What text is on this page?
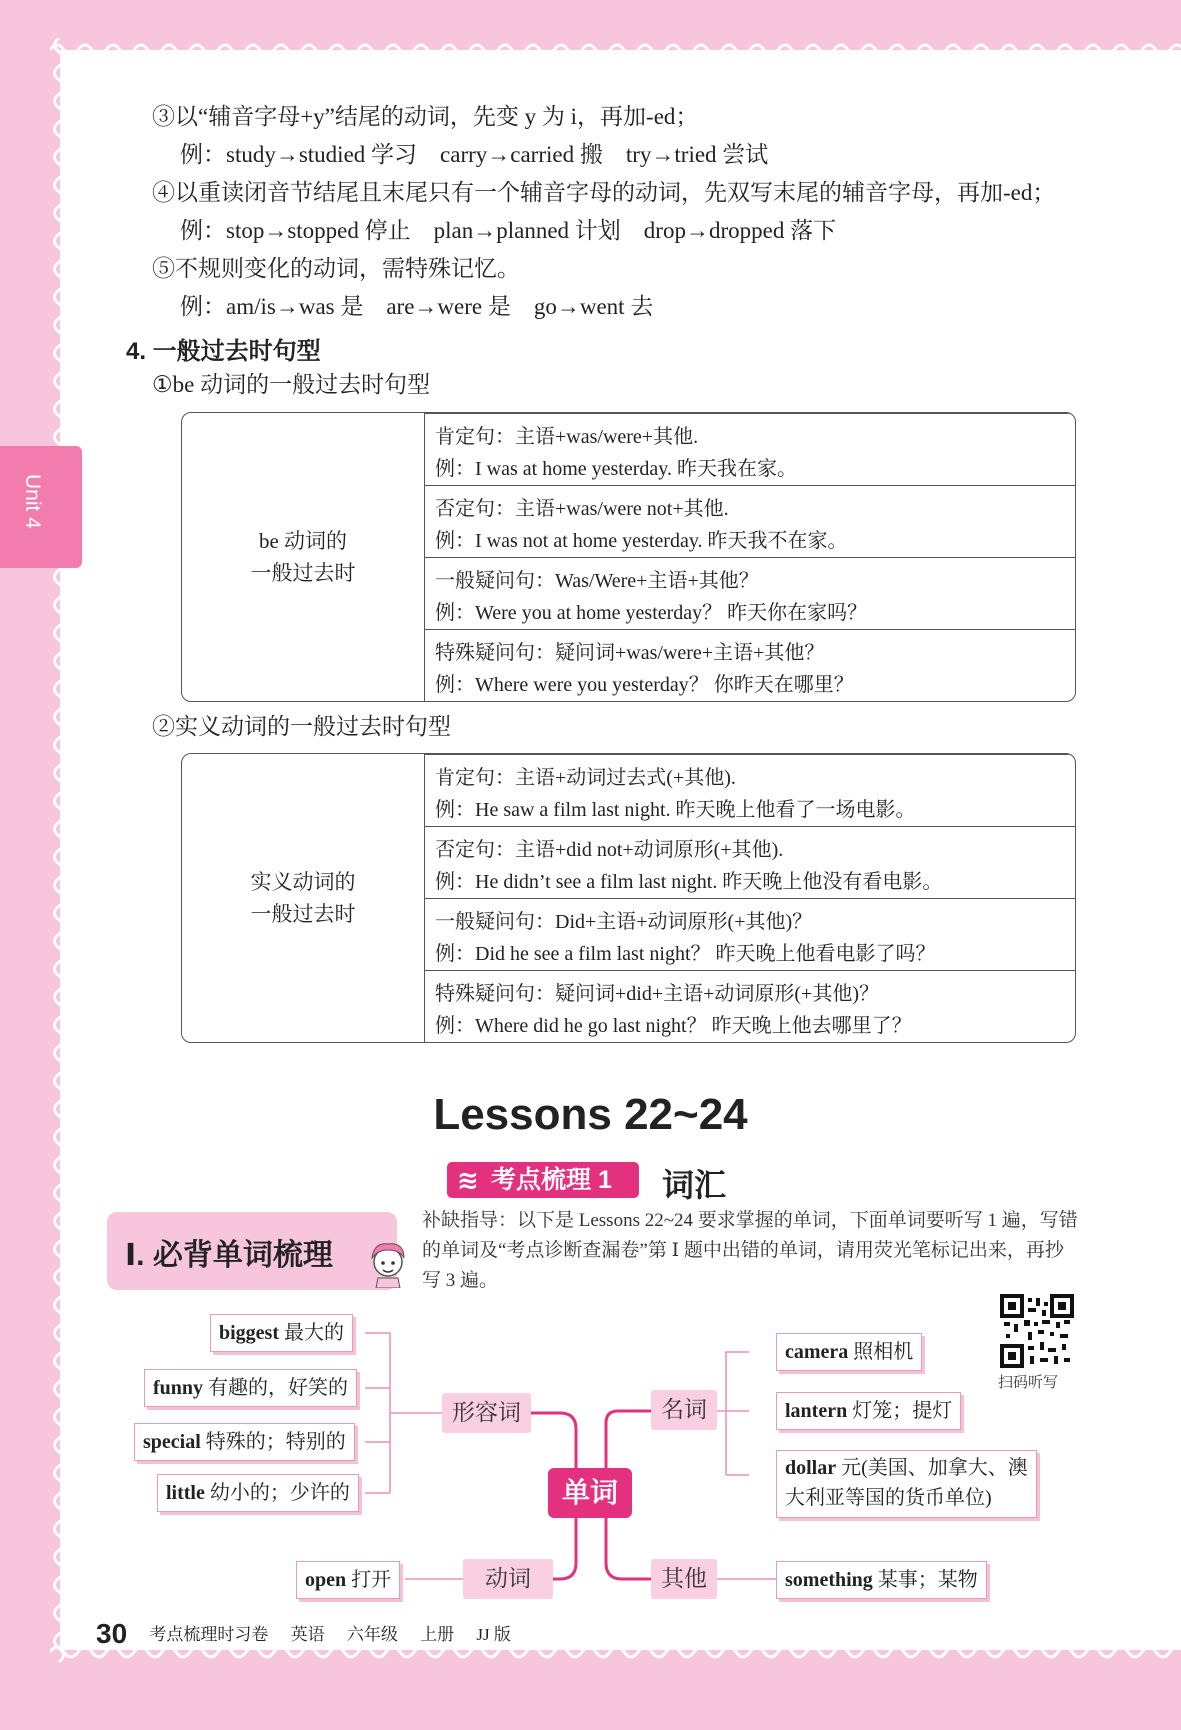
Unit 4
③以“辅音字母+y”结尾的动词，先变 y 为 i，再加-ed；
例：study→studied 学习　carry→carried 搬　try→tried 尝试
④以重读闭音节结尾且末尾只有一个辅音字母的动词，先双写末尾的辅音字母，再加-ed；
例：stop→stopped 停止　plan→planned 计划　drop→dropped 落下
⑤不规则变化的动词，需特殊记忆。
例：am/is→was 是　are→were 是　go→went 去
4. 一般过去时句型
①be 动词的一般过去时句型
be 动词的
一般过去时
肯定句：主语+was/were+其他.
例：I was at home yesterday. 昨天我在家。
否定句：主语+was/were not+其他.
例：I was not at home yesterday. 昨天我不在家。
一般疑问句：Was/Were+主语+其他？
例：Were you at home yesterday？ 昨天你在家吗？
特殊疑问句：疑问词+was/were+主语+其他？
例：Where were you yesterday？ 你昨天在哪里？
②实义动词的一般过去时句型
实义动词的
一般过去时
肯定句：主语+动词过去式(+其他).
例：He saw a film last night. 昨天晚上他看了一场电影。
否定句：主语+did not+动词原形(+其他).
例：He didn’t see a film last night. 昨天晚上他没有看电影。
一般疑问句：Did+主语+动词原形(+其他)？
例：Did he see a film last night？ 昨天晚上他看电影了吗？
特殊疑问句：疑问词+did+主语+动词原形(+其他)？
例：Where did he go last night？ 昨天晚上他去哪里了？
Lessons 22~24
≋ 考点梳理 1 词汇
Ⅰ. 必背单词梳理
补缺指导：以下是 Lessons 22~24 要求掌握的单词，下面单词要听写 1 遍，写错的单词及“考点诊断查漏卷”第 Ⅰ 题中出错的单词，请用荧光笔标记出来，再抄写 3 遍。
扫码听写
biggest 最大的
funny 有趣的，好笑的
special 特殊的；特别的
little 幼小的；少许的
形容词	名词
动词	其他
单词
camera 照相机
lantern 灯笼；提灯
dollar 元(美国、加拿大、澳
大利亚等国的货币单位)
open 打开	something 某事；某物
30 考点梳理时习卷 英语 六年级 上册 JJ 版
